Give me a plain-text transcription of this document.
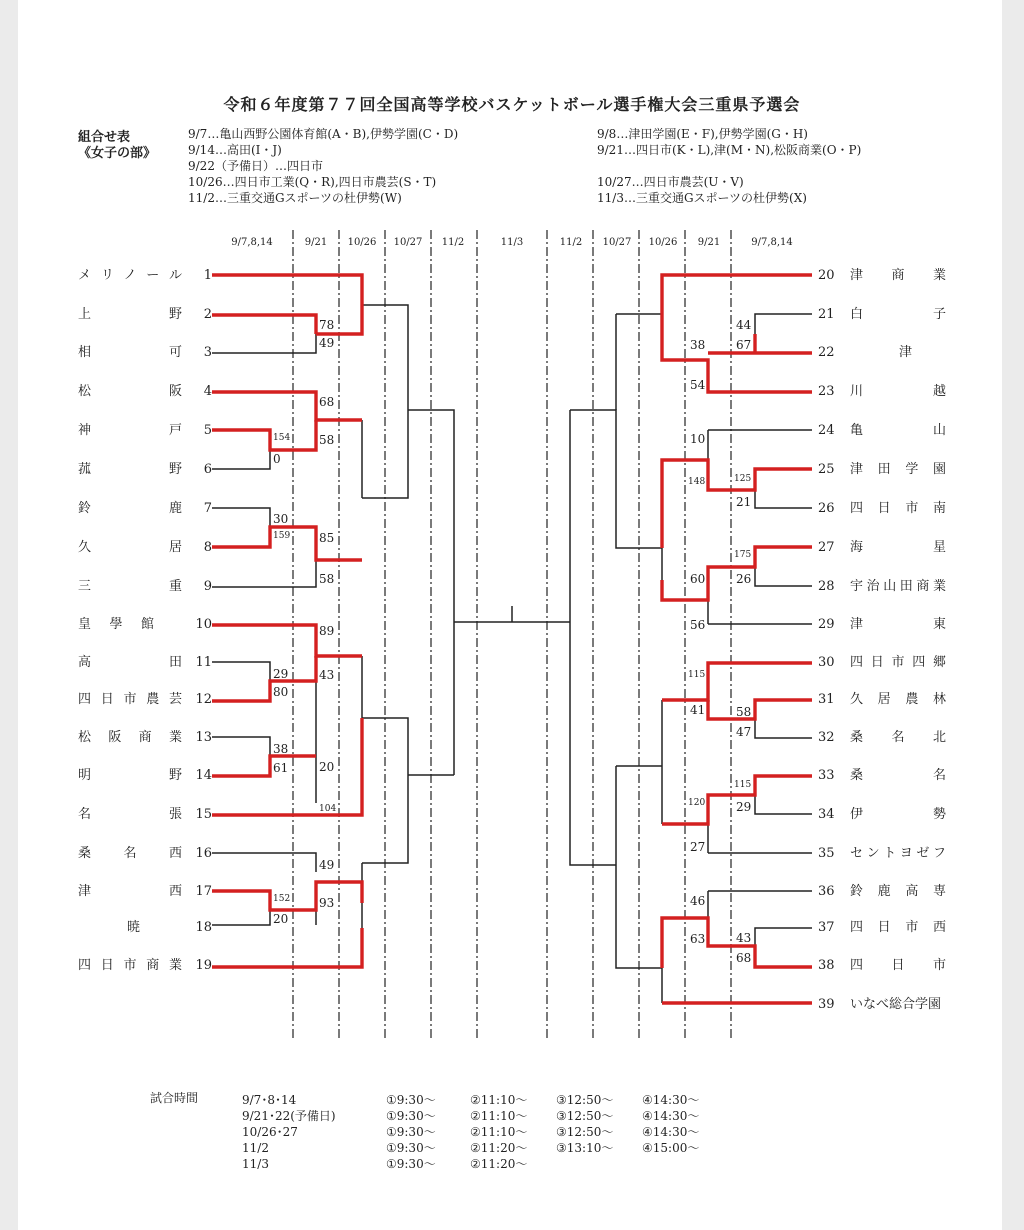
令和６年度第７７回全国高等学校バスケットボール選手権大会三重県予選会
組合せ表
《女子の部》
9/7…亀山西野公園体育館(A・B),伊勢学園(C・D)
9/14…高田(I・J)
9/22（予備日）…四日市
10/26…四日市工業(Q・R),四日市農芸(S・T)
11/2…三重交通Gスポーツの杜伊勢(W)
9/8…津田学園(E・F),伊勢学園(G・H)
9/21…四日市(K・L),津(M・N),松阪商業(O・P)
10/27…四日市農芸(U・V)
11/3…三重交通Gスポーツの杜伊勢(X)
9/7,8,14	9/21	10/26	10/27	11/2	11/3	11/2	10/27	10/26	9/21	9/7,8,14
メリノール 1
上野 2
相可 3
松阪 4
神戸 5
菰野 6
鈴鹿 7
久居 8
三重 9
皇學館	10
高田 11
四日市農芸 12
松阪商業 13
明野 14
名張 15
桑名西 16
津西 17
暁	18
四日市商業 19
20 津商業
21 白子
22	津
23 川越
24 亀山
25 津田学園
26 四日市南
27 海星
28 宇治山田商業
29 津東
30 四日市四郷
31 久居農林
32 桑名北
33 桑名
34 伊勢
35 セントヨゼフ
36 鈴鹿高専
37 四日市西
38 四日市
39 いなべ総合学園
154
0
30
159
29
80
38
61
152
20
78
49
68
58
85
58
89
43
20
104
49
93
44
67
125
21
175
26
58
47
115
29
43
68
38
54
10
148
60
56
115
41
120
27
46
63
試合時間	9/7･8･14	①9:30～	②11:10～ ③12:50～ ④14:30～
9/21･22(予備日)	①9:30～	②11:10～ ③12:50～ ④14:30～
10/26･27	①9:30～	②11:10～ ③12:50～ ④14:30～
11/2	①9:30～	②11:20～ ③13:10～ ④15:00～
11/3	①9:30～	②11:20～
